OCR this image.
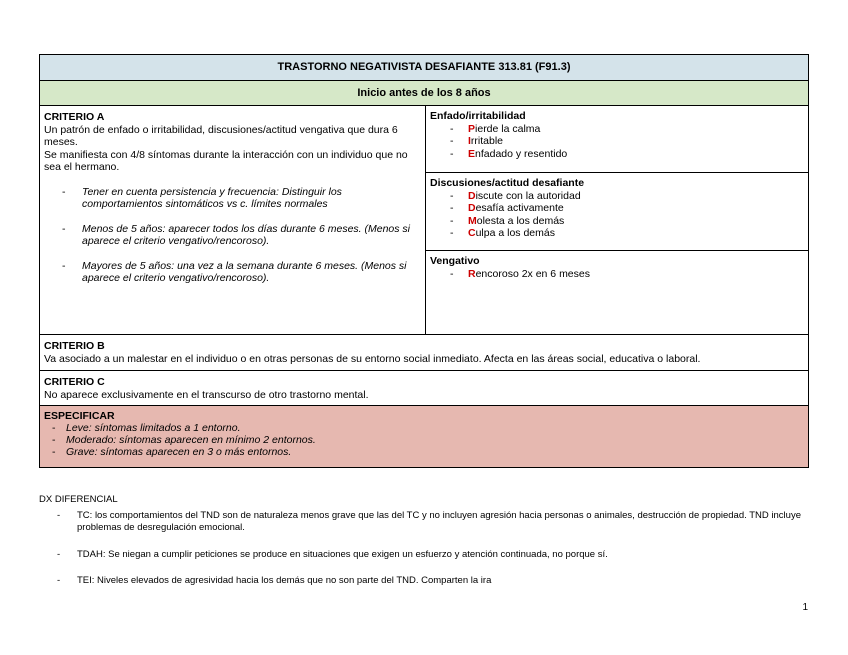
TRASTORNO NEGATIVISTA DESAFIANTE 313.81 (F91.3)
Inicio antes de los 8 años
CRITERIO A
Un patrón de enfado o irritabilidad, discusiones/actitud vengativa que dura 6 meses.
Se manifiesta con 4/8 síntomas durante la interacción con un individuo que no sea el hermano.
- Tener en cuenta persistencia y frecuencia: Distinguir los comportamientos sintomáticos vs c. límites normales
- Menos de 5 años: aparecer todos los días durante 6 meses. (Menos si aparece el criterio vengativo/rencoroso).
- Mayores de 5 años: una vez a la semana durante 6 meses. (Menos si aparece el criterio vengativo/rencoroso).
Enfado/irritabilidad
- Pierde la calma
- Irritable
- Enfadado y resentido
Discusiones/actitud desafiante
- Discute con la autoridad
- Desafía activamente
- Molesta a los demás
- Culpa a los demás
Vengativo
- Rencoroso 2x en 6 meses
CRITERIO B
Va asociado a un malestar en el individuo o en otras personas de su entorno social inmediato. Afecta en las áreas social, educativa o laboral.
CRITERIO C
No aparece exclusivamente en el transcurso de otro trastorno mental.
ESPECIFICAR
- Leve: síntomas limitados a 1 entorno.
- Moderado: síntomas aparecen en mínimo 2 entornos.
- Grave: síntomas aparecen en 3 o más entornos.
DX DIFERENCIAL
- TC: los comportamientos del TND son de naturaleza menos grave que las del TC y no incluyen agresión hacia personas o animales, destrucción de propiedad. TND incluye problemas de desregulación emocional.
- TDAH: Se niegan a cumplir peticiones se produce en situaciones que exigen un esfuerzo y atención continuada, no porque sí.
- TEI: Niveles elevados de agresividad hacia los demás que no son parte del TND. Comparten la ira
1
